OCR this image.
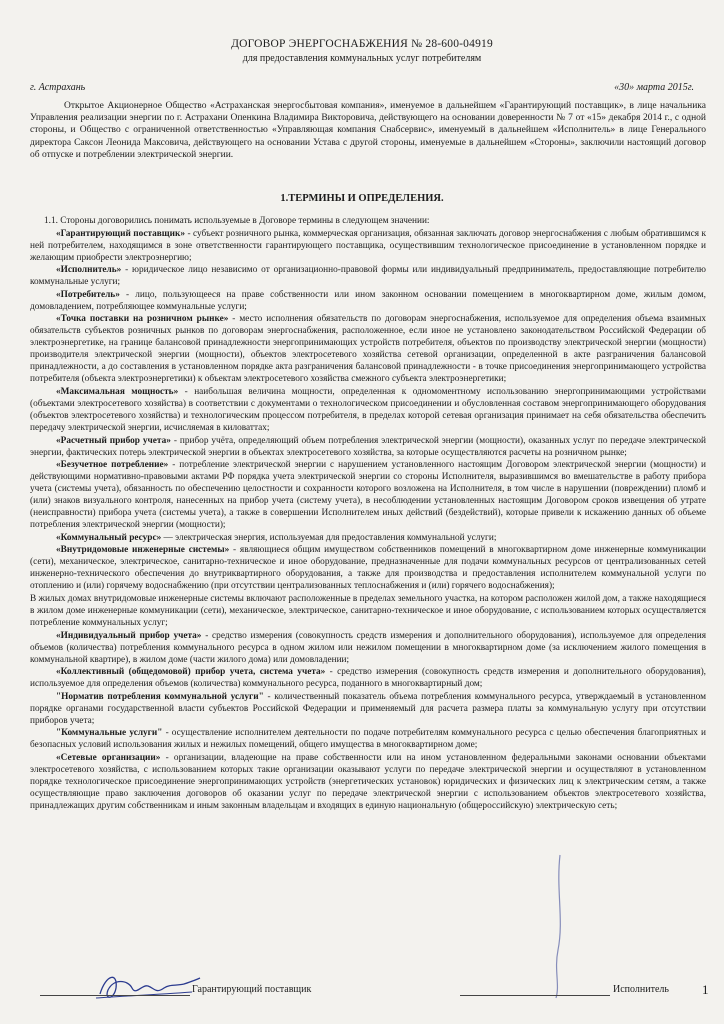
ДОГОВОР ЭНЕРГОСНАБЖЕНИЯ № 28-600-04919
для предоставления коммунальных услуг потребителям
г. Астрахань	«30» марта 2015г.

Открытое Акционерное Общество «Астраханская энергосбытовая компания», именуемое в дальнейшем «Гарантирующий поставщик», в лице начальника Управления реализации энергии по г. Астрахани Опенкина Владимира Викторовича, действующего на основании доверенности № 7 от «15» декабря 2014 г., с одной стороны, и Общество с ограниченной ответственностью «Управляющая компания Снабсервис», именуемый в дальнейшем «Исполнитель» в лице Генерального директора Саксон Леонида Максовича, действующего на основании Устава с другой стороны, именуемые в дальнейшем «Стороны», заключили настоящий договор об отпуске и потреблении электрической энергии.

1.ТЕРМИНЫ И ОПРЕДЕЛЕНИЯ.

1.1. Стороны договорились понимать используемые в Договоре термины в следующем значении:

«Гарантирующий поставщик» - субъект розничного рынка, коммерческая организация, обязанная заключать договор энергоснабжения с любым обратившимся к ней потребителем, находящимся в зоне ответственности гарантирующего поставщика, осуществившим технологическое присоединение в установленном порядке и желающим приобрести электроэнергию;

«Исполнитель» - юридическое лицо независимо от организационно-правовой формы или индивидуальный предприниматель, предоставляющие потребителю коммунальные услуги;

«Потребитель» - лицо, пользующееся на праве собственности или ином законном основании помещением в многоквартирном доме, жилым домом, домовладением, потребляющее коммунальные услуги;

«Точка поставки на розничном рынке» - место исполнения обязательств по договорам энергоснабжения, используемое для определения объема взаимных обязательств субъектов розничных рынков по договорам энергоснабжения, расположенное, если иное не установлено законодательством Российской Федерации об электроэнергетике, на границе балансовой принадлежности энергопринимающих устройств потребителя, объектов по производству электрической энергии (мощности) производителя электрической энергии (мощности), объектов электросетевого хозяйства сетевой организации, определенной в акте разграничения балансовой принадлежности, а до составления в установленном порядке акта разграничения балансовой принадлежности - в точке присоединения энергопринимающего устройства потребителя (объекта электроэнергетики) к объектам электросетевого хозяйства смежного субъекта электроэнергетики;

«Максимальная мощность» - наибольшая величина мощности, определенная к одномоментному использованию энергопринимающими устройствами (объектами электросетевого хозяйства) в соответствии с документами о технологическом присоединении и обусловленная составом энергопринимающего оборудования (объектов электросетевого хозяйства) и технологическим процессом потребителя, в пределах которой сетевая организация принимает на себя обязательства обеспечить передачу электрической энергии, исчисляемая в киловаттах;

«Расчетный прибор учета» - прибор учёта, определяющий объем потребления электрической энергии (мощности), оказанных услуг по передаче электрической энергии, фактических потерь электрической энергии в объектах электросетевого хозяйства, за которые осуществляются расчеты на розничном рынке;

«Безучетное потребление» - потребление электрической энергии с нарушением установленного настоящим Договором электрической энергии (мощности) и действующими нормативно-правовыми актами РФ порядка учета электрической энергии со стороны Исполнителя, выразившимся во вмешательстве в работу прибора учета (системы учета), обязанность по обеспечению целостности и сохранности которого возложена на Исполнителя, в том числе в нарушении (повреждении) пломб и (или) знаков визуального контроля, нанесенных на прибор учета (систему учета), в несоблюдении установленных настоящим Договором сроков извещения об утрате (неисправности) прибора учета (системы учета), а также в совершении Исполнителем иных действий (бездействий), которые привели к искажению данных об объеме потребления электрической энергии (мощности);

«Коммунальный ресурс» — электрическая энергия, используемая для предоставления коммунальной услуги;

«Внутридомовые инженерные системы» - являющиеся общим имуществом собственников помещений в многоквартирном доме инженерные коммуникации (сети), механическое, электрическое, санитарно-техническое и иное оборудование, предназначенные для подачи коммунальных ресурсов от централизованных сетей инженерно-технического обеспечения до внутриквартирного оборудования, а также для производства и предоставления исполнителем коммунальной услуги по отоплению и (или) горячему водоснабжению (при отсутствии централизованных теплоснабжения и (или) горячего водоснабжения);

В жилых домах внутридомовые инженерные системы включают расположенные в пределах земельного участка, на котором расположен жилой дом, а также находящиеся в жилом доме инженерные коммуникации (сети), механическое, электрическое, санитарно-техническое и иное оборудование, с использованием которых осуществляется потребление коммунальных услуг;

«Индивидуальный прибор учета» - средство измерения (совокупность средств измерения и дополнительного оборудования), используемое для определения объемов (количества) потребления коммунального ресурса в одном жилом или нежилом помещении в многоквартирном доме (за исключением жилого помещения в коммунальной квартире), в жилом доме (части жилого дома) или домовладении;

«Коллективный (общедомовой) прибор учета, система учета» - средство измерения (совокупность средств измерения и дополнительного оборудования), используемое для определения объемов (количества) коммунального ресурса, поданного в многоквартирный дом;

"Норматив потребления коммунальной услуги" - количественный показатель объема потребления коммунального ресурса, утверждаемый в установленном порядке органами государственной власти субъектов Российской Федерации и применяемый для расчета размера платы за коммунальную услугу при отсутствии приборов учета;

"Коммунальные услуги" - осуществление исполнителем деятельности по подаче потребителям коммунального ресурса с целью обеспечения благоприятных и безопасных условий использования жилых и нежилых помещений, общего имущества в многоквартирном доме;

«Сетевые организации» - организации, владеющие на праве собственности или на ином установленном федеральными законами основании объектами электросетевого хозяйства, с использованием которых такие организации оказывают услуги по передаче электрической энергии и осуществляют в установленном порядке технологическое присоединение энергопринимающих устройств (энергетических установок) юридических и физических лиц к электрическим сетям, а также осуществляющие право заключения договоров об оказании услуг по передаче электрической энергии с использованием объектов электросетевого хозяйства, принадлежащих другим собственникам и иным законным владельцам и входящих в единую национальную (общероссийскую) электрическую сеть;

Гарантирующий поставщик	Исполнитель	1
